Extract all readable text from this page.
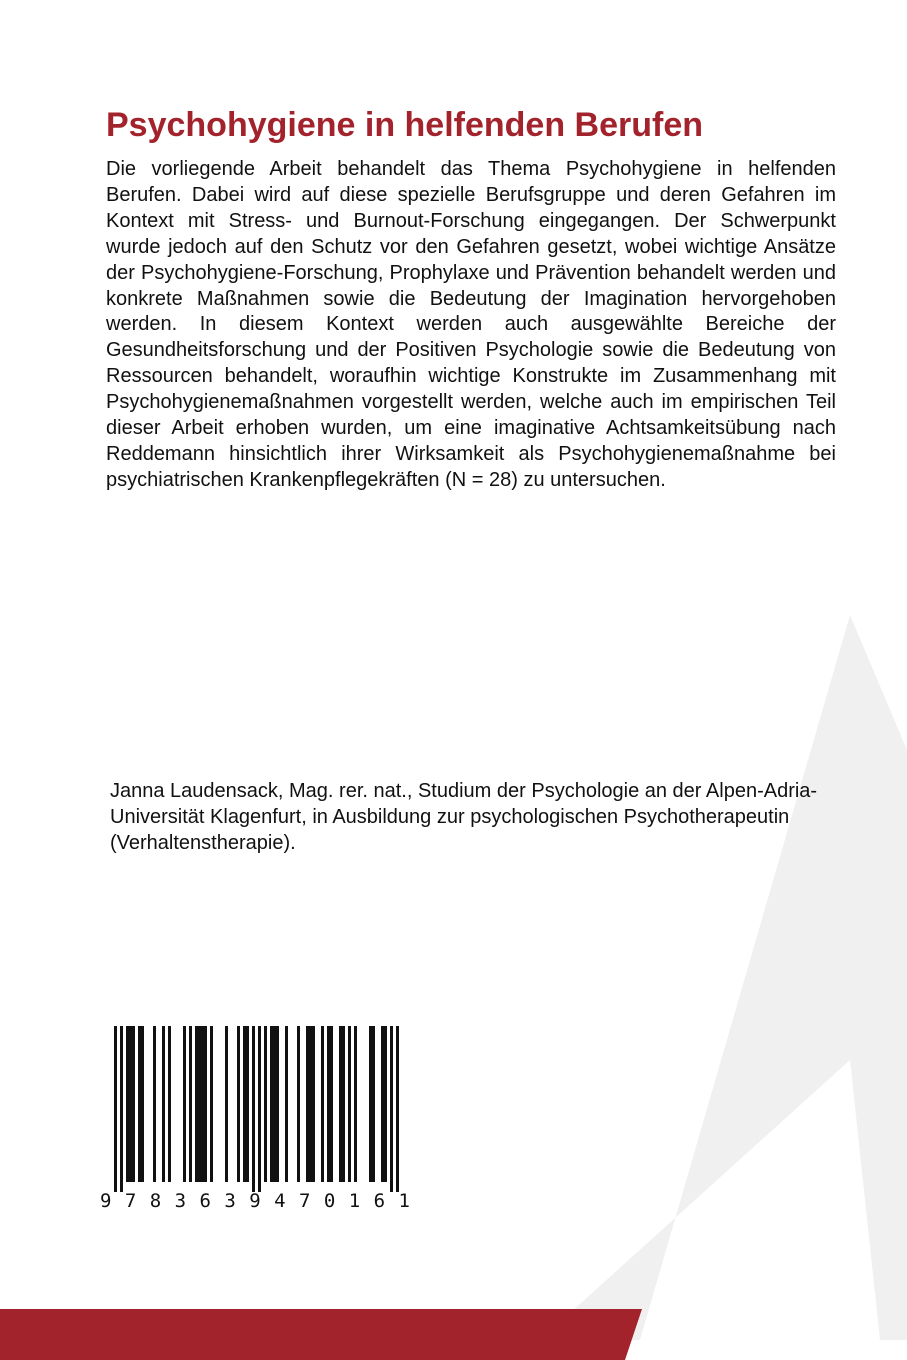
Psychohygiene in helfenden Berufen

Die vorliegende Arbeit behandelt das Thema Psychohygiene in helfenden Berufen. Dabei wird auf diese spezielle Berufsgruppe und deren Gefahren im Kontext mit Stress- und Burnout-Forschung eingegangen. Der Schwerpunkt wurde jedoch auf den Schutz vor den Gefahren gesetzt, wobei wichtige Ansätze der Psychohygiene-Forschung, Prophylaxe und Prävention behandelt werden und konkrete Maßnahmen sowie die Bedeutung der Imagination hervorgehoben werden. In diesem Kontext werden auch ausgewählte Bereiche der Gesundheitsforschung und der Positiven Psychologie sowie die Bedeutung von Ressourcen behandelt, woraufhin wichtige Konstrukte im Zusammenhang mit Psychohygienemaßnahmen vorgestellt werden, welche auch im empirischen Teil dieser Arbeit erhoben wurden, um eine imaginative Achtsamkeitsübung nach Reddemann hinsichtlich ihrer Wirksamkeit als Psychohygienemaßnahme bei psychiatrischen Krankenpflegekräften (N = 28) zu untersuchen.

Janna Laudensack, Mag. rer. nat., Studium der Psychologie an der Alpen-Adria-Universität Klagenfurt, in Ausbildung zur psychologischen Psychotherapeutin (Verhaltenstherapie).

9 7 8 3 6 3 9 4 7 0 1 6 1
